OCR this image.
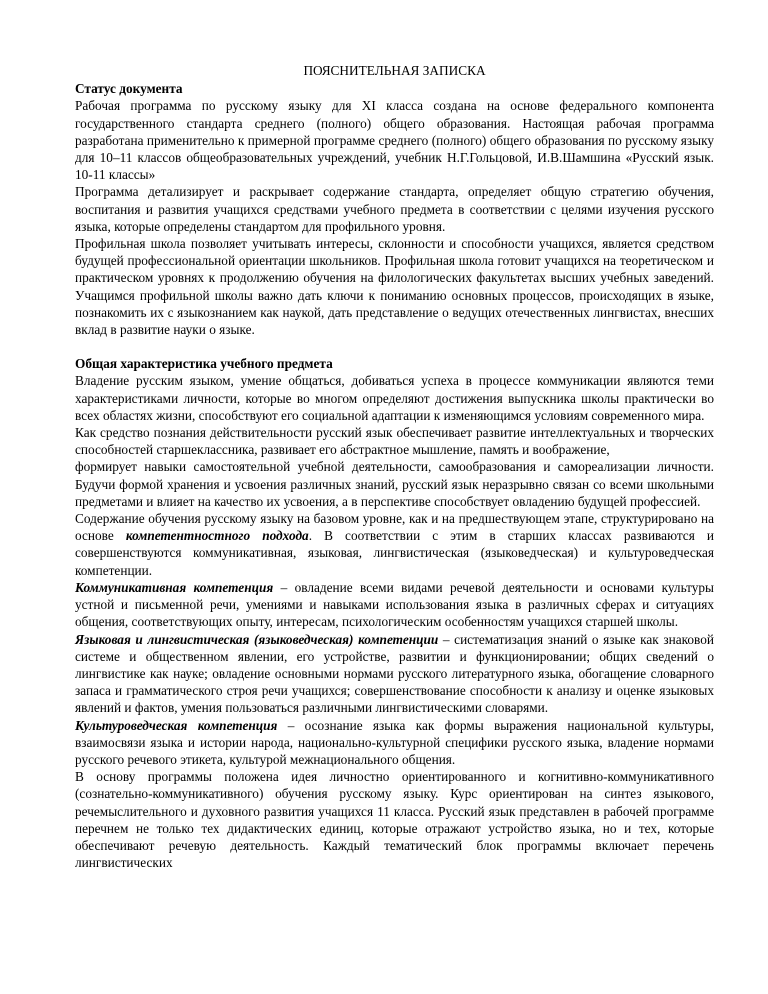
ПОЯСНИТЕЛЬНАЯ ЗАПИСКА
Статус документа

Рабочая программа по русскому языку для XI класса создана на основе федерального компонента государственного стандарта среднего (полного) общего образования. Настоящая рабочая программа разработана применительно к примерной программе среднего (полного) общего образования по русскому языку для 10–11 классов общеобразовательных учреждений, учебник Н.Г.Гольцовой, И.В.Шамшина «Русский язык. 10-11 классы»

Программа детализирует и раскрывает содержание стандарта, определяет общую стратегию обучения, воспитания и развития учащихся средствами учебного предмета в соответствии с целями изучения русского языка, которые определены стандартом для профильного уровня.

Профильная школа позволяет учитывать интересы, склонности и способности учащихся, является средством будущей профессиональной ориентации школьников. Профильная школа готовит учащихся на теоретическом и практическом уровнях к продолжению обучения на филологических факультетах высших учебных заведений. Учащимся профильной школы важно дать ключи к пониманию основных процессов, происходящих в языке, познакомить их с языкознанием как наукой, дать представление о ведущих отечественных лингвистах, внесших вклад в развитие науки о языке.

Общая характеристика учебного предмета

Владение русским языком, умение общаться, добиваться успеха в процессе коммуникации являются теми характеристиками личности, которые во многом определяют достижения выпускника школы практически во всех областях жизни, способствуют его социальной адаптации к изменяющимся условиям современного мира.

Как средство познания действительности русский язык обеспечивает развитие интеллектуальных и творческих способностей старшеклассника, развивает его абстрактное мышление, память и воображение,

формирует навыки самостоятельной учебной деятельности, самообразования и самореализации личности. Будучи формой хранения и усвоения различных знаний, русский язык неразрывно связан со всеми школьными предметами и влияет на качество их усвоения, а в перспективе способствует овладению будущей профессией.

Содержание обучения русскому языку на базовом уровне, как и на предшествующем этапе, структурировано на основе компетентностного подхода. В соответствии с этим в старших классах развиваются и совершенствуются коммуникативная, языковая, лингвистическая (языковедческая) и культуроведческая компетенции.

Коммуникативная компетенция – овладение всеми видами речевой деятельности и основами культуры устной и письменной речи, умениями и навыками использования языка в различных сферах и ситуациях общения, соответствующих опыту, интересам, психологическим особенностям учащихся старшей школы.

Языковая и лингвистическая (языковедческая) компетенции – систематизация знаний о языке как знаковой системе и общественном явлении, его устройстве, развитии и функционировании; общих сведений о лингвистике как науке; овладение основными нормами русского литературного языка, обогащение словарного запаса и грамматического строя речи учащихся; совершенствование способности к анализу и оценке языковых явлений и фактов, умения пользоваться различными лингвистическими словарями.

Культуроведческая компетенция – осознание языка как формы выражения национальной культуры, взаимосвязи языка и истории народа, национально-культурной специфики русского языка, владение нормами русского речевого этикета, культурой межнационального общения.

В основу программы положена идея личностно ориентированного и когнитивно-коммуникативного (сознательно-коммуникативного) обучения русскому языку. Курс ориентирован на синтез языкового, речемыслительного и духовного развития учащихся 11 класса. Русский язык представлен в рабочей программе перечнем не только тех дидактических единиц, которые отражают устройство языка, но и тех, которые обеспечивают речевую деятельность. Каждый тематический блок программы включает перечень лингвистических
